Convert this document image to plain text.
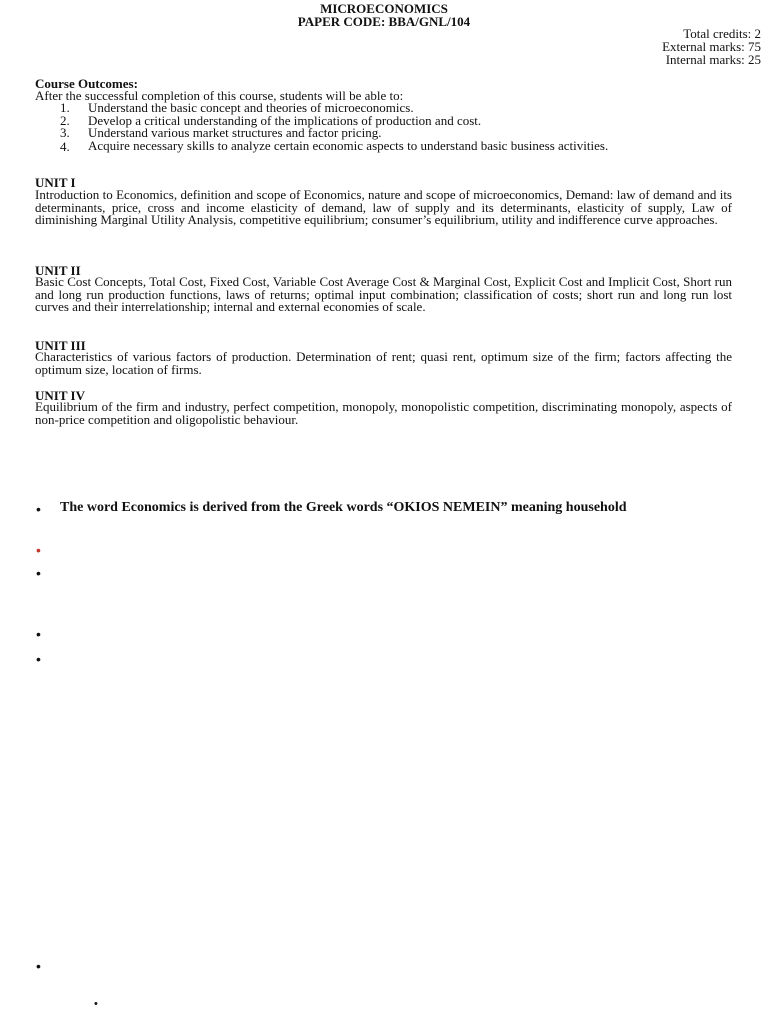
MICROECONOMICS
PAPER CODE: BBA/GNL/104
Total credits: 2
External marks: 75
Internal marks: 25
Course Outcomes:
After the successful completion of this course, students will be able to:
1. Understand the basic concept and theories of microeconomics.
2. Develop a critical understanding of the implications of production and cost.
3. Understand various market structures and factor pricing.
4. Acquire necessary skills to analyze certain economic aspects to understand basic business activities.
UNIT I
Introduction to Economics, definition and scope of Economics, nature and scope of microeconomics, Demand: law of demand and its determinants, price, cross and income elasticity of demand, law of supply and its determinants, elasticity of supply, Law of diminishing Marginal Utility Analysis, competitive equilibrium; consumer’s equilibrium, utility and indifference curve approaches.
UNIT II
Basic Cost Concepts, Total Cost, Fixed Cost, Variable Cost Average Cost & Marginal Cost, Explicit Cost and Implicit Cost, Short run and long run production functions, laws of returns; optimal input combination; classification of costs; short run and long run lost curves and their interrelationship; internal and external economies of scale.
UNIT III
Characteristics of various factors of production. Determination of rent; quasi rent, optimum size of the firm; factors affecting the optimum size, location of firms.
UNIT IV
Equilibrium of the firm and industry, perfect competition, monopoly, monopolistic competition, discriminating monopoly, aspects of non-price competition and oligopolistic behaviour.
• The word Economics is derived from the Greek words “OKIOS NEMEIN” meaning household
•
•
•
•
•
•
